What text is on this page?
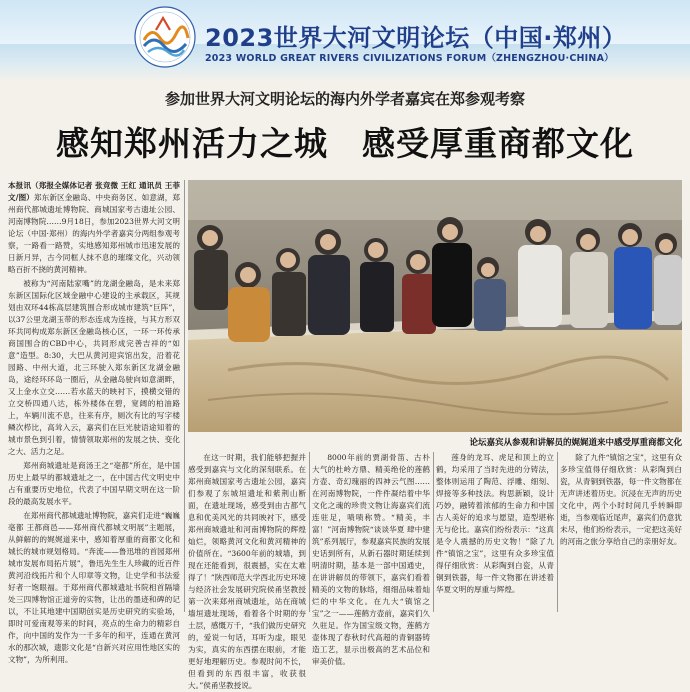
2023世界大河文明论坛（中国·郑州）
2023 WORLD GREAT RIVERS CIVILIZATIONS FORUM（ZHENGZHOU·CHINA）
参加世界大河文明论坛的海内外学者嘉宾在郑参观考察
感知郑州活力之城　感受厚重商都文化

本报讯（郑报全媒体记者 张竞微 王红 通讯员 王菲 文/图）郑东新区金融岛、中央商务区、如意湖，郑州商代都城遗址博物院、商城国家考古遗址公园、河南博物院……9月18日，参加2023世界大河文明论坛（中国·郑州）的海内外学者嘉宾分两组参观考察，一路看一路赞，实地感知郑州城市迅速发展的日新月异，古今同框人抹不息的璀璨文化，兴动领略百折不挠的黄河精神。

被称为“河南陆家嘴”的龙湖金融岛，是未来郑东新区国际化区域金融中心建设的主承载区，其规划由双环44栋高层建筑围合形成城市建筑“巨阵”，以37公里龙湖玉带的形态连成为连接，与其方形双环共同构成郑东新区金融岛核心区，一环一环传承商国围合的CBD中心，共同形成完善吉祥的“如意”造型。8:30，大巴从黄河迎宾馆出发，沿着花园路、中州大道，北三环驶入郑东新区龙湖金融岛，途经环环岛一圈后，从金融岛驶向如意湖畔，又上金水立交……若水蓝天的映衬下，摸横交错的立交桥四通八达，栋外楼体在碧，宽阔的柏油路上，车辆川流不息，往来有序，厕次有比的写字楼鳞次栉比，高耸入云，嘉宾们在巨光驶语途知着的城市景色到引着，情情领取郑州的发展之快、变化之大、活力之足。

郑州商城遗址是商汤王之“亳都”所在，是中国历史上最早的都城遗址之一，在中国古代文明史中占有重要历史地位，代表了中国早期文明在这一阶段的最高发展水平。

在郑州商代都城遗址博物院，嘉宾们走进“巍巍亳都 王都商邑——郑州商代都城文明展”主题展，从鲜解的的娓娓道来中，感知着厚重的商都文化和城长的城市规划格局。“奔流——鲁迅堆的首园郑州城市发展布局拓片展”，鲁迅先生生人珍藏的近百件黄河沿线拓片和个人印章等文物，让史学和书法爱好者一饱眼福。于郑州商代都城遗址书院相首隔墙处三四博物馆正道旁的实物，让出的墨迹和碑的记以，不让其地建中国期创实是历史研究的实验场，即时可爱南观等来的时间，亮点的生命力的精彩自作，向中国的发作为一千多年的和平，连通在黄河水的那次城，遗影文化是“自新兴对应用性地区实的文物”，为所利用。

论坛嘉宾从参观和讲解员的娓娓道来中感受厚重商都文化

在这一时期，我们能够把握并感受到嘉宾与文化的深刻联系。在郑州商城国家考古遗址公园，嘉宾们参观了东城垣遗址和紫荆山断面，在遗址现场，感受到由古都气息和优美风光的共同映衬下，感受郑州商城遗址和河南博物院的辉煌灿烂，领略黄河文化和黄河精神的价值所在。“3600年前的城墙，到现在还能看到，很震撼，实在太难得了！”陕西师范大学西北历史环境与经济社会发展研究院侯甬坚教授第一次来郑州商城遗址，站在商城墙垣遗址现场，看着各个时期的夯土层，感慨万千，“我们做历史研究的，爱说一句话，耳听为虚，眼见为实，真实的东西摆在眼前，才能更好地理解历史。参观时间不长，但看到的东西很丰富，收获很大。”侯甬坚教授说。

8000年前的贾湖骨笛、古朴大气的杜岭方鼎、精美绝伦的莲鹤方壶、奇幻瑰丽的四神云气图……在河南博物院，一件件凝结着中华文化之魂的珍贵文物让海嘉宾们流连驻足，啧啧称赞。“精美，丰富！”河南博物院“谈谈华夏 肆中建筑”系列展厅，参观嘉宾民族的发展史话到所有，从新石器时期延续到明清时期，基本是一部中国通史，在讲讲解员的带领下，嘉宾们看着精美的文物的脉络，细细品味着灿烂的中华文化。在九大“镇馆之宝”之一——莲鹤方壶前，嘉宾们久久驻足。作为国宝级文物，莲鹤方壶体现了春秋时代高超的青铜器铸造工艺，显示出极高的艺术品位和审美价值。

莲身的龙耳、虎足和顶上的立鹤，均采用了当时先进的分铸法，整体则运用了陶范、浮雕、细刻、焊接等多种技法。构思新颖，设计巧妙，融铸着浓郁的生命力和中国古人美好的追求与愿望，造型堪称无与伦比。嘉宾们纷纷表示：“这真是令人震撼的历史文物！”除了九件“镇馆之宝”，这里有众多珍宝值得仔细欣赏：从彩陶到白瓷，从青铜到铁器，每一件文物都在讲述着华夏文明的厚重与辉煌。

除了九件“镇馆之宝”，这里有众多珍宝值得仔细欣赏：从彩陶到白瓷，从青铜到铁器，每一件文物都在无声讲述着历史。沉浸在无声的历史文化中，两个小时时间几乎转瞬即逝，当参观临近尾声，嘉宾们仍意犹未尽，他们纷纷表示，一定把这美好的河南之旅分享给自己的亲朋好友。
